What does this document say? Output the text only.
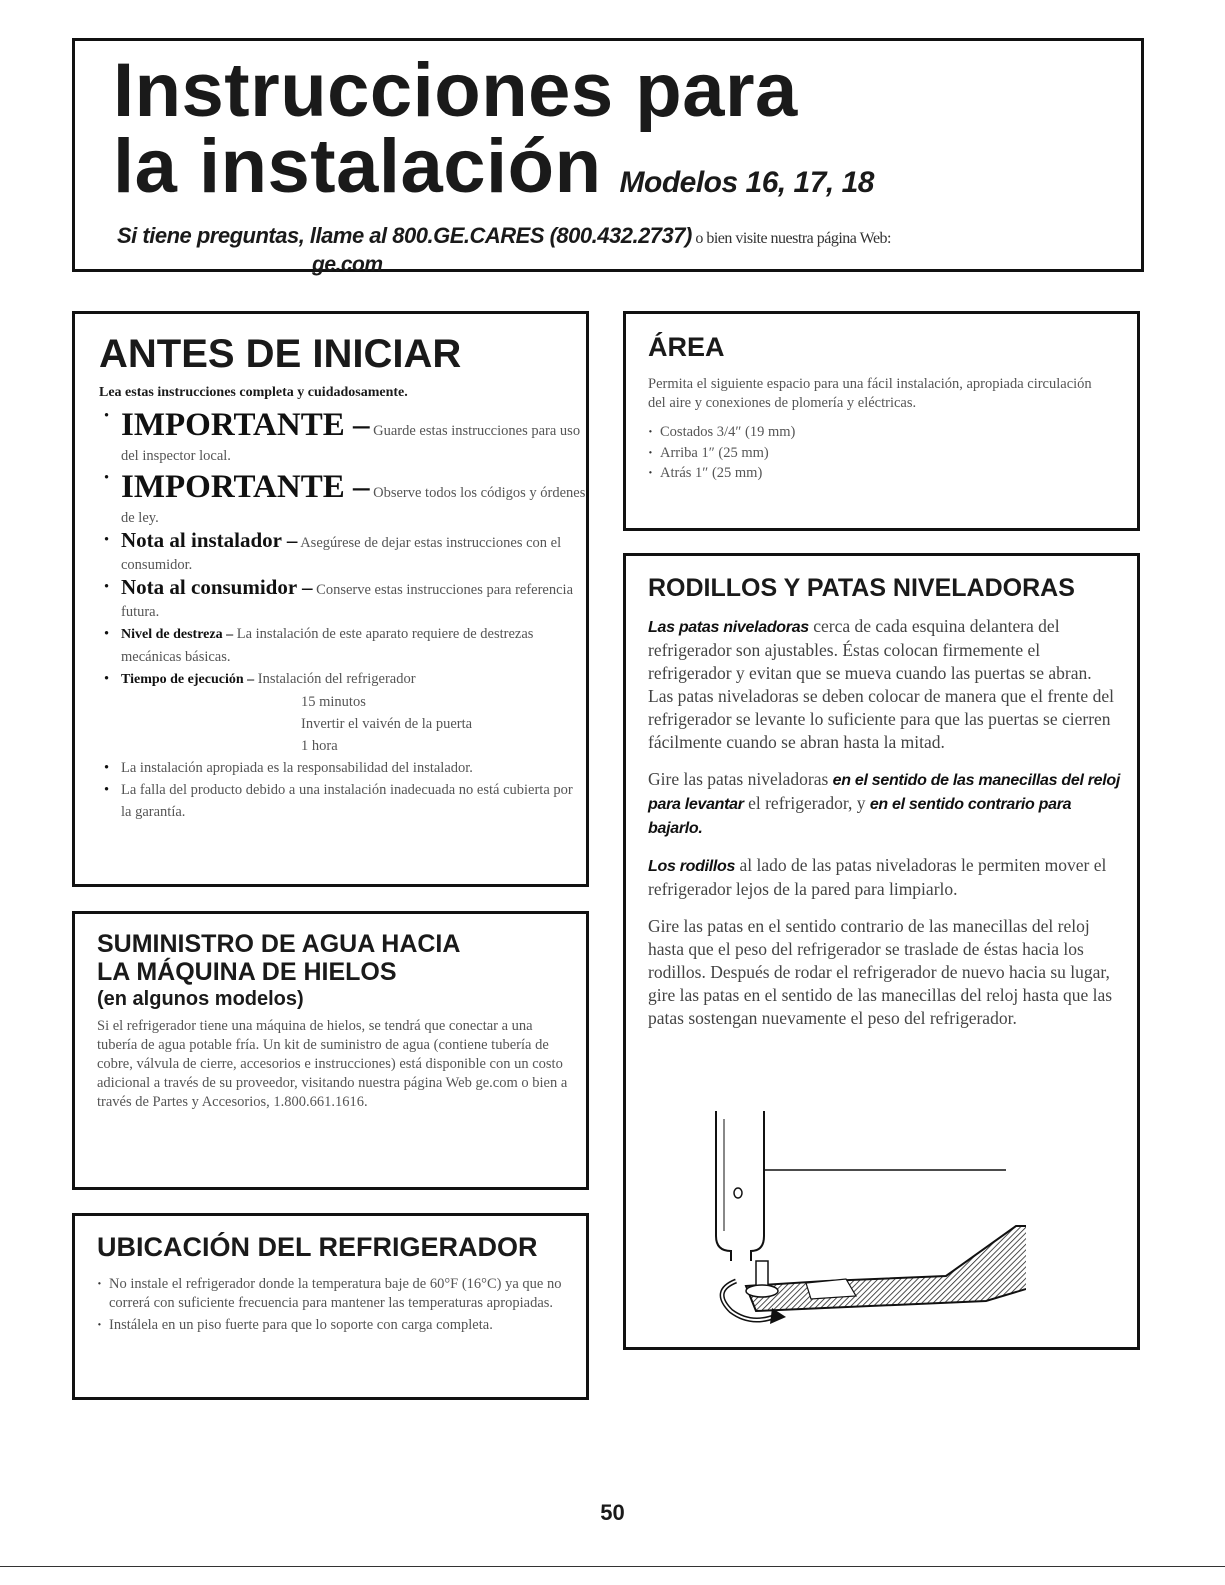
Instrucciones para
la instalación Modelos 16, 17, 18
Si tiene preguntas, llame al 800.GE.CARES (800.432.2737) o bien visite nuestra página Web:
ge.com
ANTES DE INICIAR
Lea estas instrucciones completa y cuidadosamente.
• IMPORTANTE – Guarde estas instrucciones para uso del inspector local.
• IMPORTANTE – Observe todos los códigos y órdenes de ley.
• Nota al instalador – Asegúrese de dejar estas instrucciones con el consumidor.
• Nota al consumidor – Conserve estas instrucciones para referencia futura.
• Nivel de destreza – La instalación de este aparato requiere de destrezas mecánicas básicas.
• Tiempo de ejecución – Instalación del refrigerador
15 minutos
Invertir el vaivén de la puerta
1 hora
• La instalación apropiada es la responsabilidad del instalador.
• La falla del producto debido a una instalación inadecuada no está cubierta por la garantía.
SUMINISTRO DE AGUA HACIA
LA MÁQUINA DE HIELOS
(en algunos modelos)

Si el refrigerador tiene una máquina de hielos, se tendrá que conectar a una tubería de agua potable fría. Un kit de suministro de agua (contiene tubería de cobre, válvula de cierre, accesorios e instrucciones) está disponible con un costo adicional a través de su proveedor, visitando nuestra página Web ge.com o bien a través de Partes y Accesorios, 1.800.661.1616.

UBICACIÓN DEL REFRIGERADOR
· No instale el refrigerador donde la temperatura baje de 60°F (16°C) ya que no correrá con suficiente frecuencia para mantener las temperaturas apropiadas.
· Instálela en un piso fuerte para que lo soporte con carga completa.
ÁREA

Permita el siguiente espacio para una fácil instalación, apropiada circulación del aire y conexiones de plomería y eléctricas.

· Costados 3/4″ (19 mm)
· Arriba 1″ (25 mm)
· Atrás 1″ (25 mm)
RODILLOS Y PATAS NIVELADORAS

Las patas niveladoras cerca de cada esquina delantera del refrigerador son ajustables. Éstas colocan firmemente el refrigerador y evitan que se mueva cuando las puertas se abran. Las patas niveladoras se deben colocar de manera que el frente del refrigerador se levante lo suficiente para que las puertas se cierren fácilmente cuando se abran hasta la mitad.

Gire las patas niveladoras en el sentido de las manecillas del reloj para levantar el refrigerador, y en el sentido contrario para bajarlo.

Los rodillos al lado de las patas niveladoras le permiten mover el refrigerador lejos de la pared para limpiarlo.

Gire las patas en el sentido contrario de las manecillas del reloj hasta que el peso del refrigerador se traslade de éstas hacia los rodillos. Después de rodar el refrigerador de nuevo hacia su lugar, gire las patas en el sentido de las manecillas del reloj hasta que las patas sostengan nuevamente el peso del refrigerador.

50
